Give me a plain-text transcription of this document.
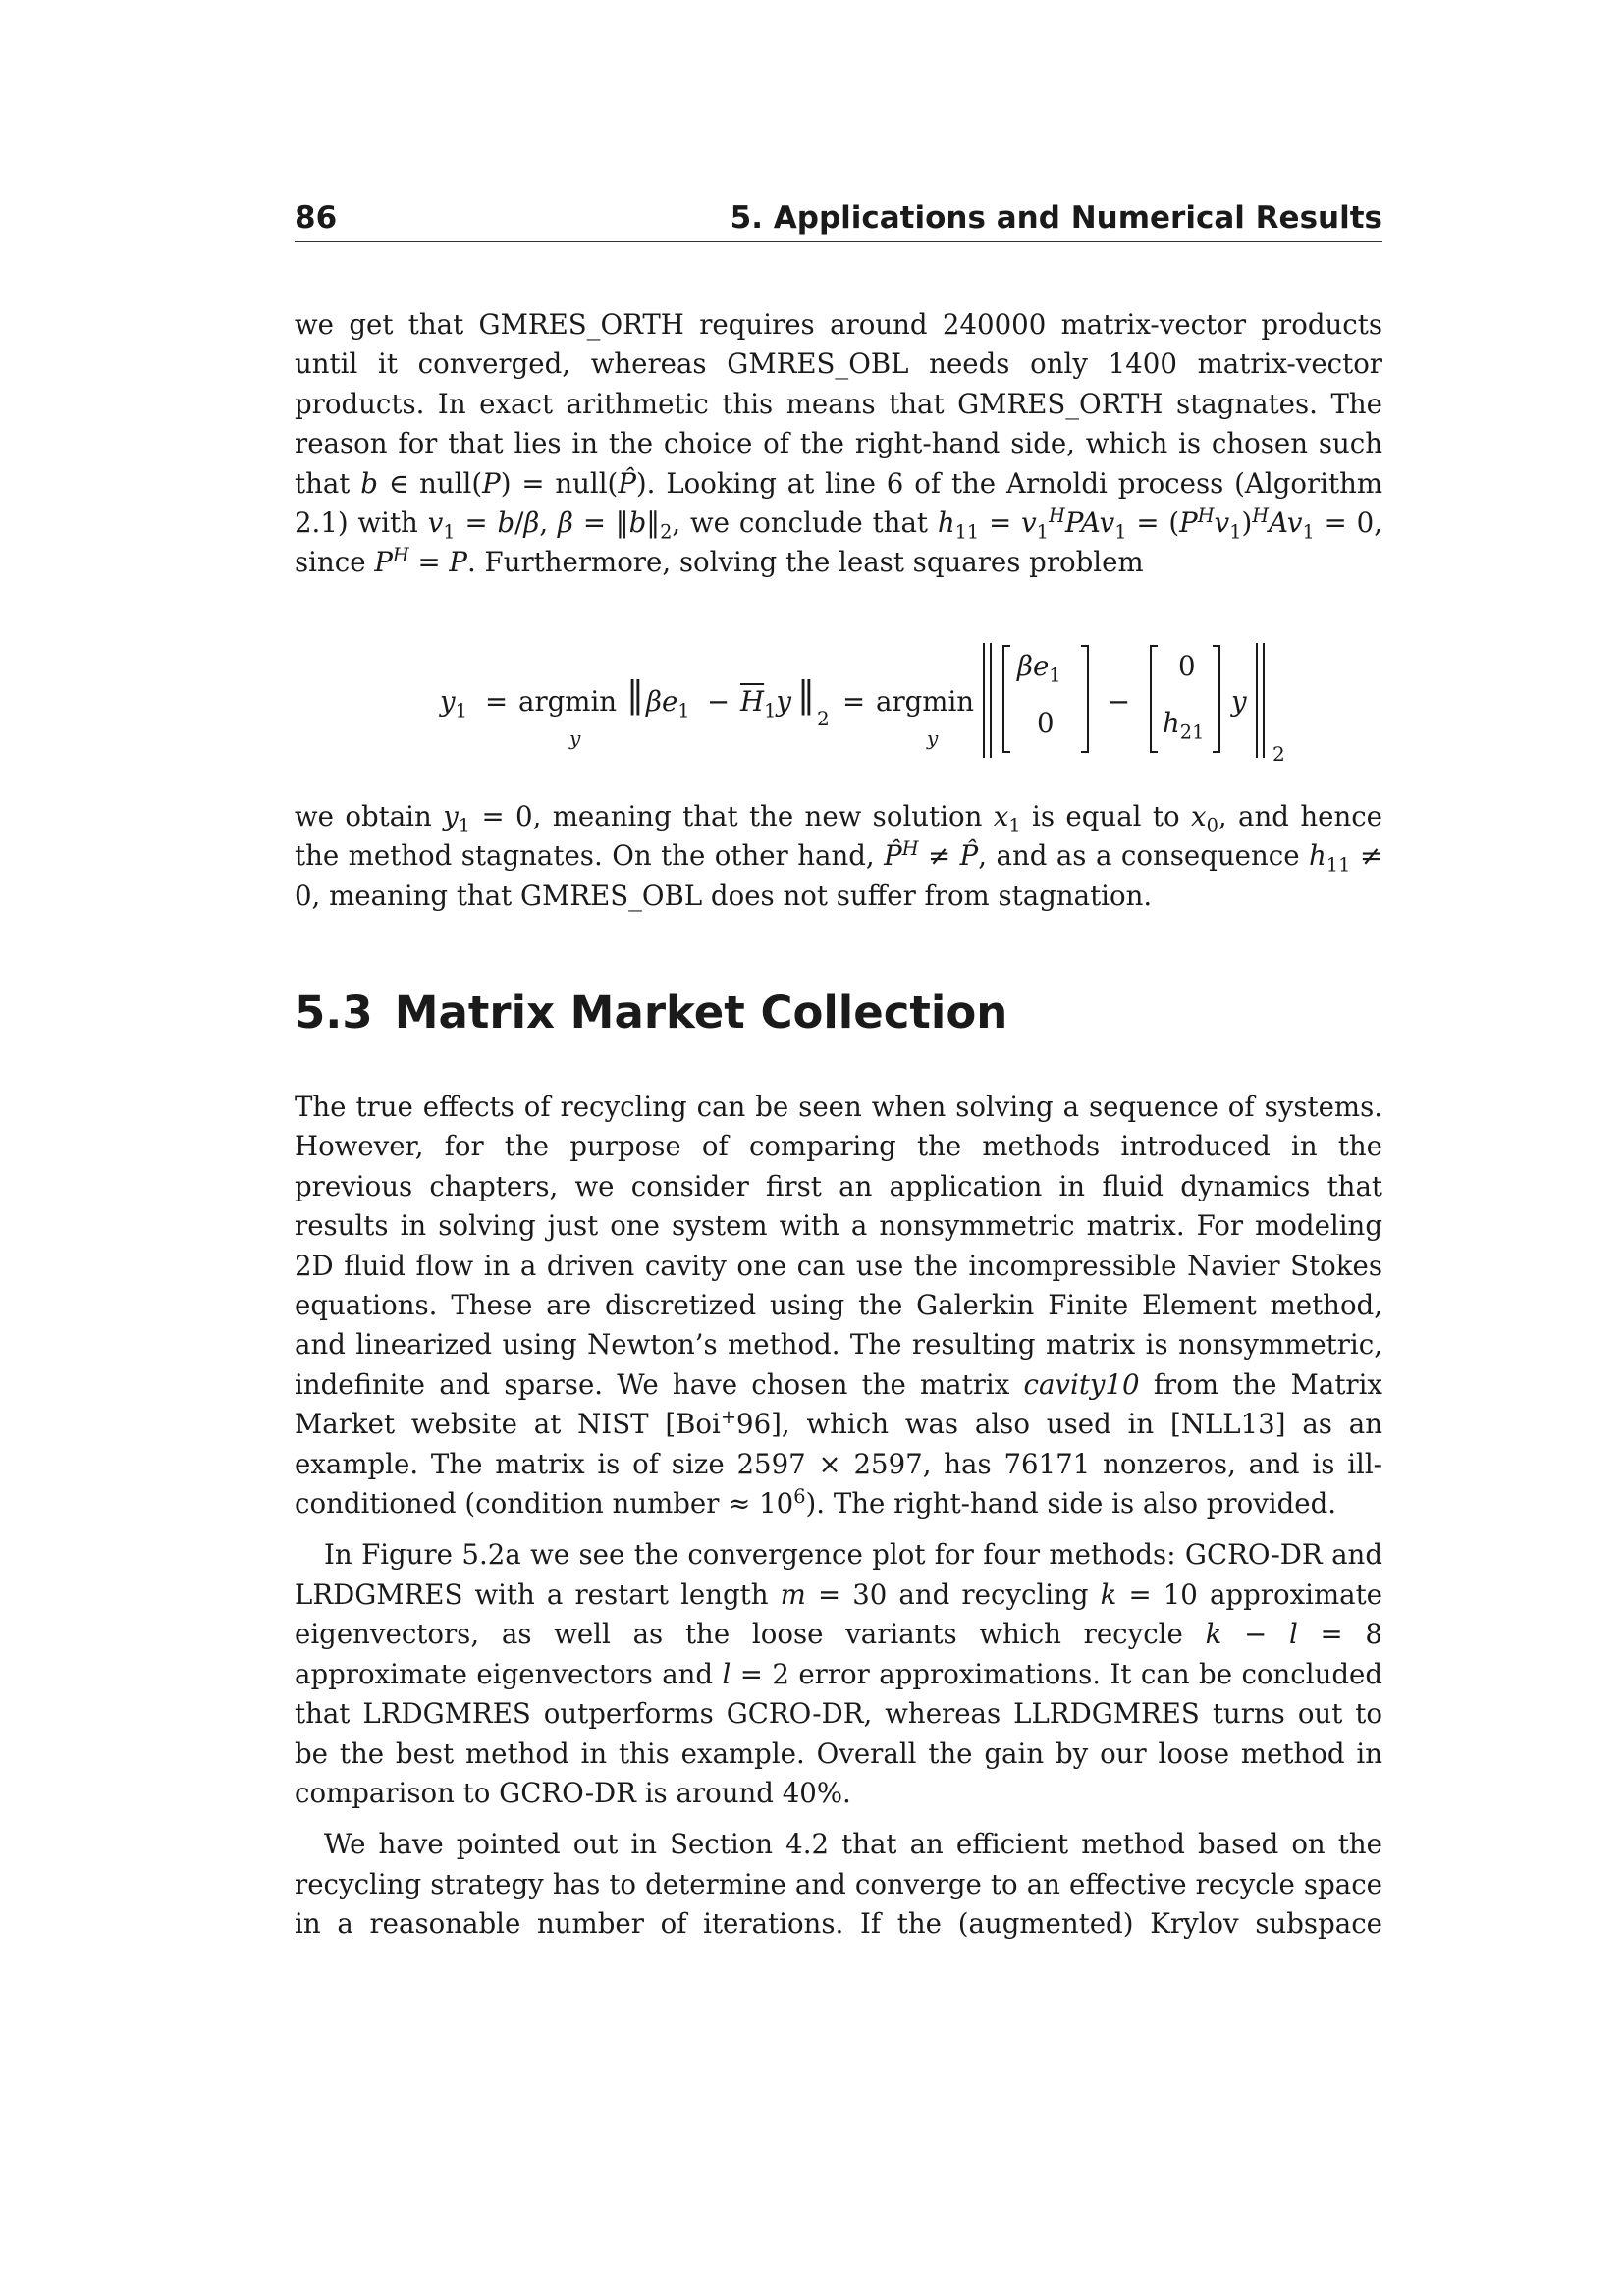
86	5. Applications and Numerical Results

we get that GMRES_ORTH requires around 240000 matrix-vector products until it converged, whereas GMRES_OBL needs only 1400 matrix-vector products. In exact arithmetic this means that GMRES_ORTH stagnates. The reason for that lies in the choice of the right-hand side, which is chosen such that b ∈ null(P) = null(P̂). Looking at line 6 of the Arnoldi process (Algorithm 2.1) with $v_1 = b/\beta$, $\beta = ‖b‖_2$, we conclude that $h_{11} = v_1^HPAv_1 = (P^Hv_1)^HAv_1 = 0$, since $P^H = P$. Furthermore, solving the least squares problem

$y_1 = argmin$
y
‖ $\beta e_1 - \overline{H}_1y$ ‖
2
= argmin
y
$\beta e_1$
0
−
0
$h_{21}$
y
2

we obtain $y_1 = 0$, meaning that the new solution $x_1$ is equal to $x_0$, and hence the method stagnates. On the other hand, P̂$^H$ ≠ P̂, and as a consequence $h_{11} \ne 0$, meaning that GMRES_OBL does not suffer from stagnation.

5.3 Matrix Market Collection

The true effects of recycling can be seen when solving a sequence of systems. However, for the purpose of comparing the methods introduced in the previous chapters, we consider first an application in fluid dynamics that results in solving just one system with a nonsymmetric matrix. For modeling 2D fluid flow in a driven cavity one can use the incompressible Navier Stokes equations. These are discretized using the Galerkin Finite Element method, and linearized using Newton’s method. The resulting matrix is nonsymmetric, indefinite and sparse. We have chosen the matrix cavity10 from the Matrix Market website at NIST [Boi+96], which was also used in [NLL13] as an example. The matrix is of size 2597 × 2597, has 76171 nonzeros, and is ill-conditioned (condition number ≈ $10^6$). The right-hand side is also provided.

In Figure 5.2a we see the convergence plot for four methods: GCRO-DR and LRDGMRES with a restart length m = 30 and recycling k = 10 approximate eigenvectors, as well as the loose variants which recycle k − l = 8 approximate eigenvectors and l = 2 error approximations. It can be concluded that LRDGMRES outperforms GCRO-DR, whereas LLRDGMRES turns out to be the best method in this example. Overall the gain by our loose method in comparison to GCRO-DR is around 40%.

We have pointed out in Section 4.2 that an efficient method based on the recycling strategy has to determine and converge to an effective recycle space in a reasonable number of iterations. If the (augmented) Krylov subspace
